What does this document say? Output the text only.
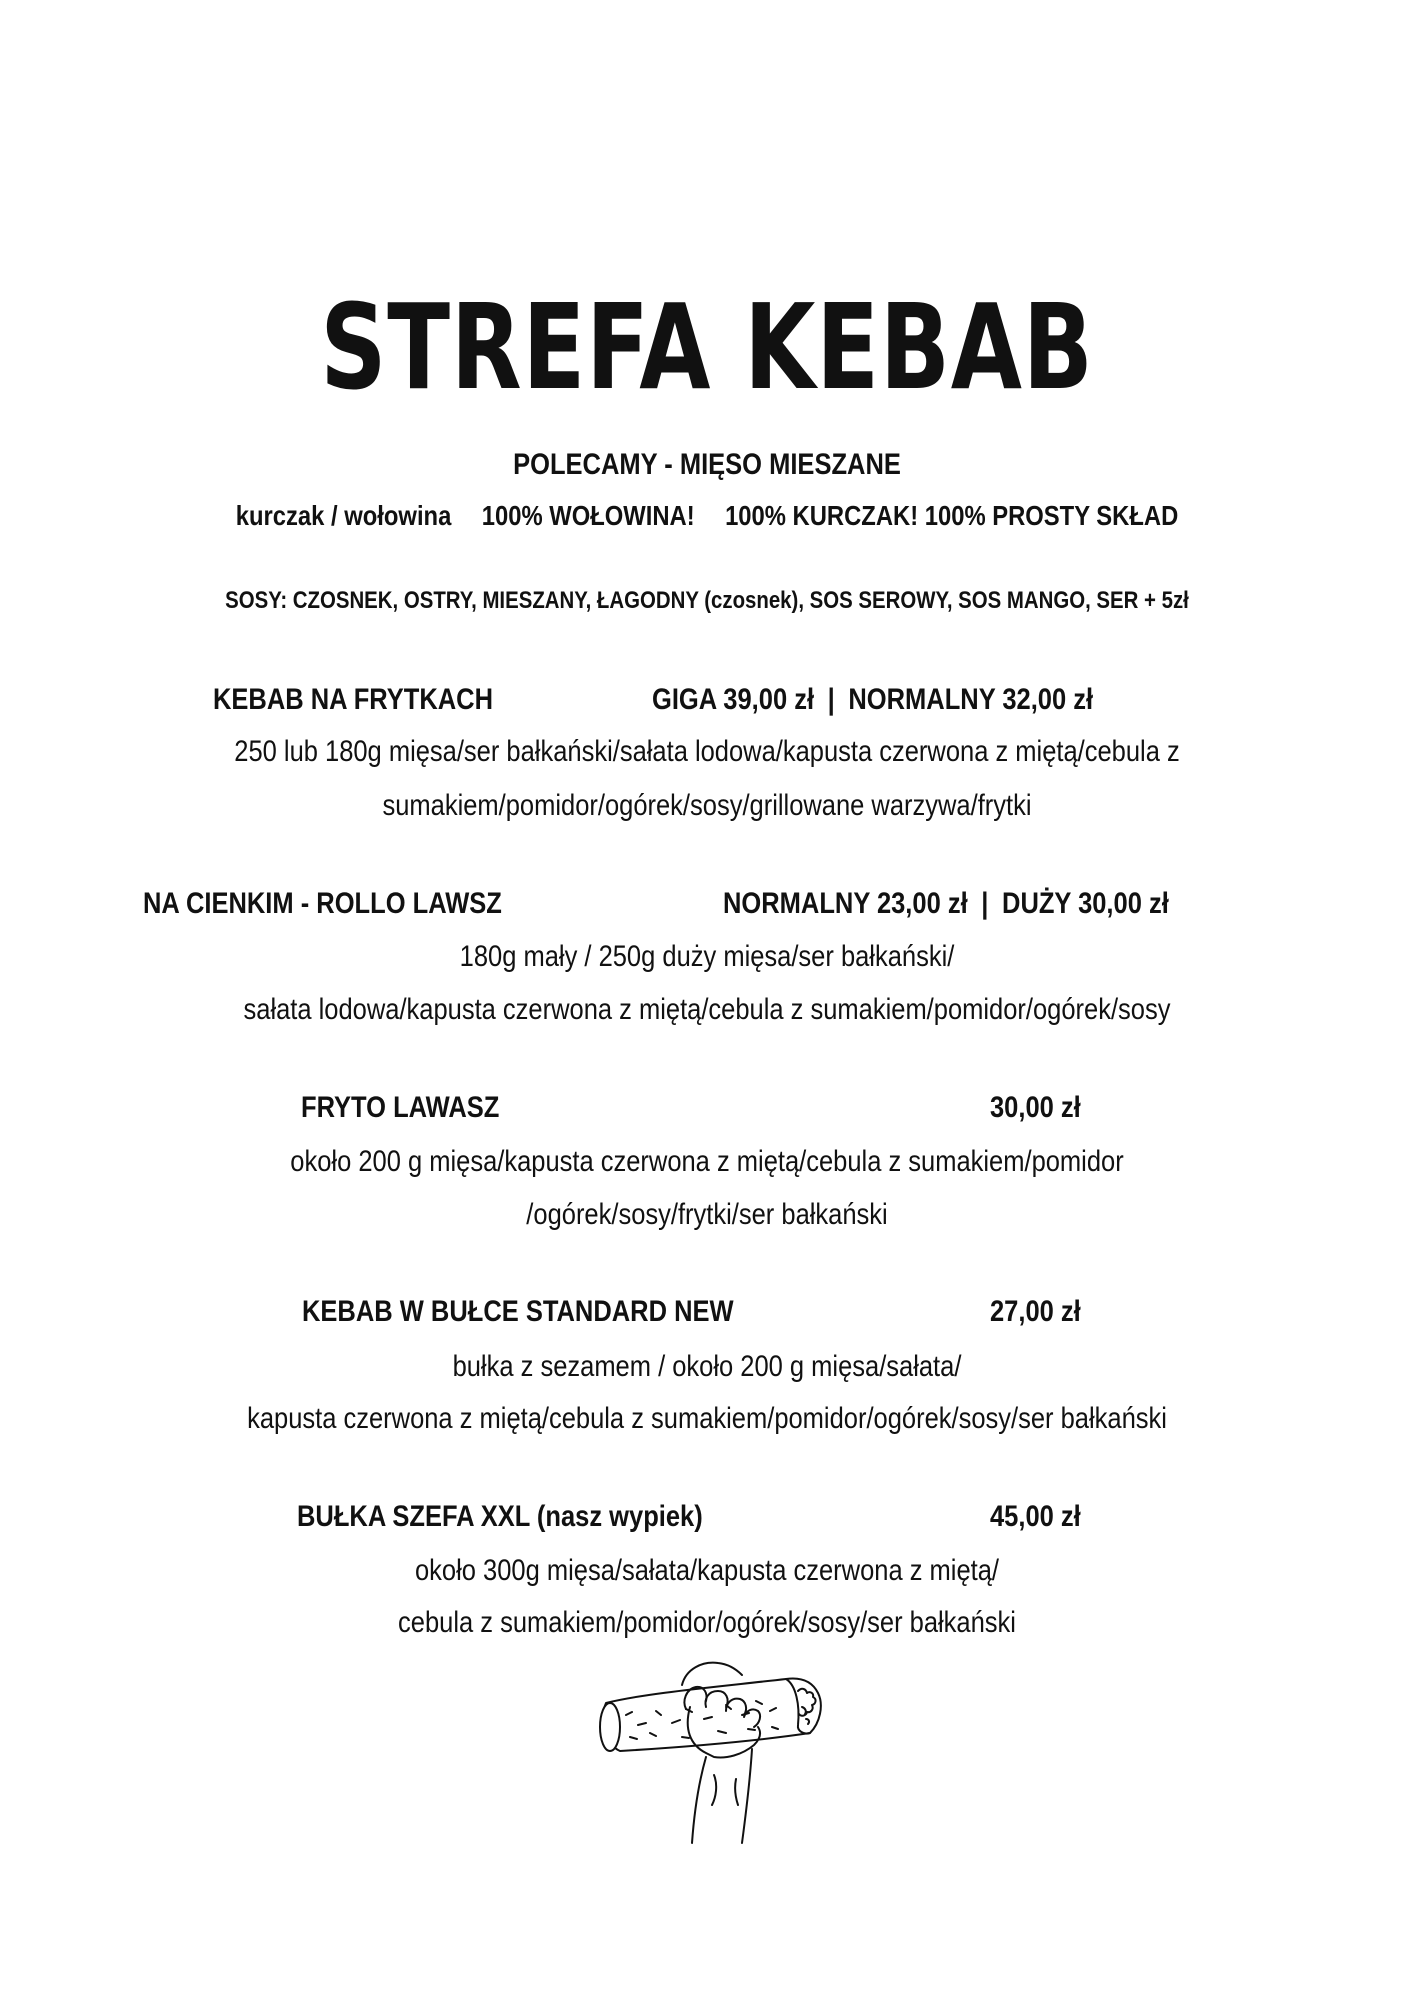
STREFA KEBAB
POLECAMY - MIĘSO MIESZANE
kurczak / wołowina 100% WOŁOWINA! 100% KURCZAK! 100% PROSTY SKŁAD
SOSY: CZOSNEK, OSTRY, MIESZANY, ŁAGODNY (czosnek), SOS SEROWY, SOS MANGO, SER + 5zł
KEBAB NA FRYTKACH	GIGA 39,00 zł | NORMALNY 32,00 zł
250 lub 180g mięsa/ser bałkański/sałata lodowa/kapusta czerwona z miętą/cebula z
sumakiem/pomidor/ogórek/sosy/grillowane warzywa/frytki
NA CIENKIM - ROLLO LAWSZ	NORMALNY 23,00 zł | DUŻY 30,00 zł
180g mały / 250g duży mięsa/ser bałkański/
sałata lodowa/kapusta czerwona z miętą/cebula z sumakiem/pomidor/ogórek/sosy
FRYTO LAWASZ	30,00 zł
około 200 g mięsa/kapusta czerwona z miętą/cebula z sumakiem/pomidor
/ogórek/sosy/frytki/ser bałkański
KEBAB W BUŁCE STANDARD NEW	27,00 zł
bułka z sezamem / około 200 g mięsa/sałata/
kapusta czerwona z miętą/cebula z sumakiem/pomidor/ogórek/sosy/ser bałkański
BUŁKA SZEFA XXL (nasz wypiek)	45,00 zł
około 300g mięsa/sałata/kapusta czerwona z miętą/
cebula z sumakiem/pomidor/ogórek/sosy/ser bałkański
